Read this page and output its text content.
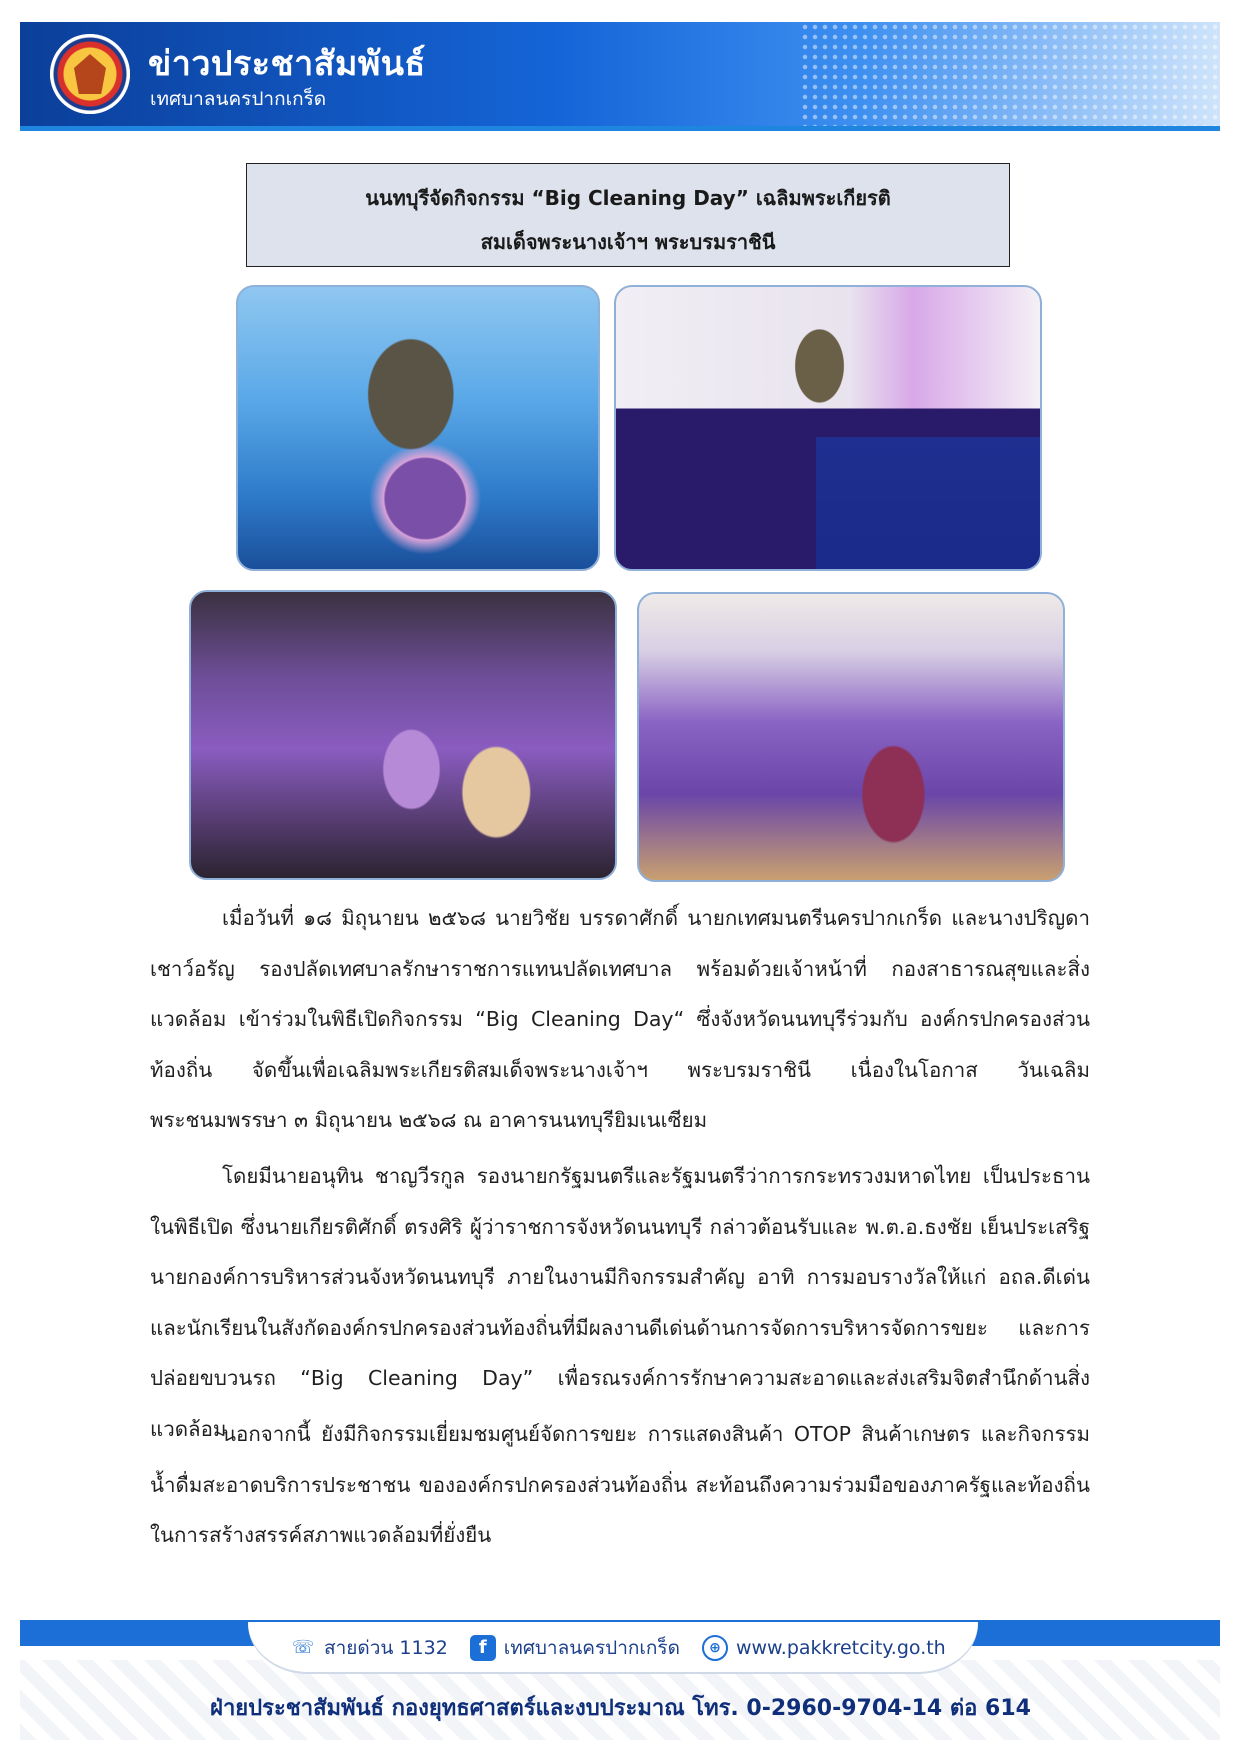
ข่าวประชาสัมพันธ์
เทศบาลนครปากเกร็ด
นนทบุรีจัดกิจกรรม “Big Cleaning Day” เฉลิมพระเกียรติ
สมเด็จพระนางเจ้าฯ พระบรมราชินี
เมื่อวันที่ ๑๘ มิถุนายน ๒๕๖๘ นายวิชัย บรรดาศักดิ์ นายกเทศมนตรีนครปากเกร็ด และนางปริญดา เชาว์อรัญ รองปลัดเทศบาลรักษาราชการแทนปลัดเทศบาล พร้อมด้วยเจ้าหน้าที่ กองสาธารณสุขและสิ่งแวดล้อม เข้าร่วมในพิธีเปิดกิจกรรม “Big Cleaning Day“ ซึ่งจังหวัดนนทบุรีร่วมกับ องค์กรปกครองส่วนท้องถิ่น จัดขึ้นเพื่อเฉลิมพระเกียรติสมเด็จพระนางเจ้าฯ พระบรมราชินี เนื่องในโอกาส วันเฉลิมพระชนมพรรษา ๓ มิถุนายน ๒๕๖๘ ณ อาคารนนทบุรียิมเนเซียม
โดยมีนายอนุทิน ชาญวีรกูล รองนายกรัฐมนตรีและรัฐมนตรีว่าการกระทรวงมหาดไทย เป็นประธาน ในพิธีเปิด ซึ่งนายเกียรติศักดิ์ ตรงศิริ ผู้ว่าราชการจังหวัดนนทบุรี กล่าวต้อนรับและ พ.ต.อ.ธงชัย เย็นประเสริฐ นายกองค์การบริหารส่วนจังหวัดนนทบุรี ภายในงานมีกิจกรรมสำคัญ อาทิ การมอบรางวัลให้แก่ อถล.ดีเด่น และนักเรียนในสังกัดองค์กรปกครองส่วนท้องถิ่นที่มีผลงานดีเด่นด้านการจัดการบริหารจัดการขยะ และการ ปล่อยขบวนรถ “Big Cleaning Day” เพื่อรณรงค์การรักษาความสะอาดและส่งเสริมจิตสำนึกด้านสิ่งแวดล้อม
นอกจากนี้ ยังมีกิจกรรมเยี่ยมชมศูนย์จัดการขยะ การแสดงสินค้า OTOP สินค้าเกษตร และกิจกรรม น้ำดื่มสะอาดบริการประชาชน ขององค์กรปกครองส่วนท้องถิ่น สะท้อนถึงความร่วมมือของภาครัฐและท้องถิ่น ในการสร้างสรรค์สภาพแวดล้อมที่ยั่งยืน
☏ สายด่วน 1132	f เทศบาลนครปากเกร็ด	⊕ www.pakkretcity.go.th
ฝ่ายประชาสัมพันธ์ กองยุทธศาสตร์และงบประมาณ โทร. 0-2960-9704-14 ต่อ 614
